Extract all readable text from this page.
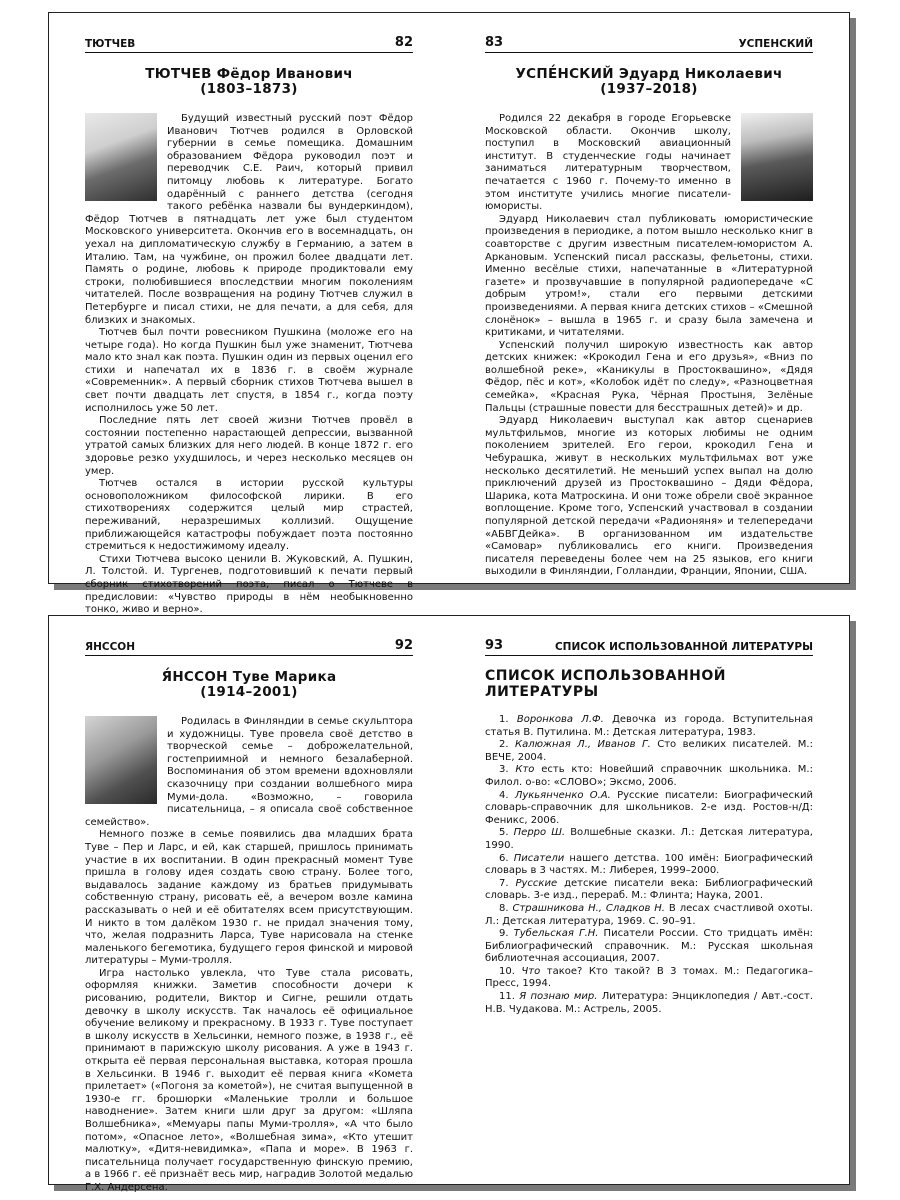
ТЮТЧЕВ	82
ТЮТЧЕВ Фёдор Иванович
(1803–1873)

Будущий известный русский поэт Фёдор Иванович Тютчев родился в Орловской губернии в семье помещика. Домашним образованием Фёдора руководил поэт и переводчик С.Е. Раич, который привил питомцу любовь к литературе. Богато одарённый с раннего детства (сегодня такого ребёнка назвали бы вундеркиндом), Фёдор Тютчев в пятнадцать лет уже был студентом Московского университета. Окончив его в восемнадцать, он уехал на дипломатическую службу в Германию, а затем в Италию. Там, на чужбине, он прожил более двадцати лет. Память о родине, любовь к природе продиктовали ему строки, полюбившиеся впоследствии многим поколениям читателей. После возвращения на родину Тютчев служил в Петербурге и писал стихи, не для печати, а для себя, для близких и знакомых.

Тютчев был почти ровесником Пушкина (моложе его на четыре года). Но когда Пушкин был уже знаменит, Тютчева мало кто знал как поэта. Пушкин один из первых оценил его стихи и напечатал их в 1836 г. в своём журнале «Современник». А первый сборник стихов Тютчева вышел в свет почти двадцать лет спустя, в 1854 г., когда поэту исполнилось уже 50 лет.

Последние пять лет своей жизни Тютчев провёл в состоянии постепенно нарастающей депрессии, вызванной утратой самых близких для него людей. В конце 1872 г. его здоровье резко ухудшилось, и через несколько месяцев он умер.

Тютчев остался в истории русской культуры основоположником философской лирики. В его стихотворениях содержится целый мир страстей, переживаний, неразрешимых коллизий. Ощущение приближающейся катастрофы побуждает поэта постоянно стремиться к недостижимому идеалу.

Стихи Тютчева высоко ценили В. Жуковский, А. Пушкин, Л. Толстой. И. Тургенев, подготовивший к печати первый сборник стихотворений поэта, писал о Тютчеве в предисловии: «Чувство природы в нём необыкновенно тонко, живо и верно».

83	УСПЕНСКИЙ
УСПЕ́НСКИЙ Эдуард Николаевич
(1937–2018)

Родился 22 декабря в городе Егорьевске Московской области. Окончив школу, поступил в Московский авиационный институт. В студенческие годы начинает заниматься литературным творчеством, печатается с 1960 г. Почему-то именно в этом институте учились многие писатели-юмористы.

Эдуард Николаевич стал публиковать юмористические произведения в периодике, а потом вышло несколько книг в соавторстве с другим известным писателем-юмористом А. Аркановым. Успенский писал рассказы, фельетоны, стихи. Именно весёлые стихи, напечатанные в «Литературной газете» и прозвучавшие в популярной радиопередаче «С добрым утром!», стали его первыми детскими произведениями. А первая книга детских стихов – «Смешной слонёнок» – вышла в 1965 г. и сразу была замечена и критиками, и читателями.

Успенский получил широкую известность как автор детских книжек: «Крокодил Гена и его друзья», «Вниз по волшебной реке», «Каникулы в Простоквашино», «Дядя Фёдор, пёс и кот», «Колобок идёт по следу», «Разноцветная семейка», «Красная Рука, Чёрная Простыня, Зелёные Пальцы (страшные повести для бесстрашных детей)» и др.

Эдуард Николаевич выступал как автор сценариев мультфильмов, многие из которых любимы не одним поколением зрителей. Его герои, крокодил Гена и Чебурашка, живут в нескольких мультфильмах вот уже несколько десятилетий. Не меньший успех выпал на долю приключений друзей из Простоквашино – Дяди Фёдора, Шарика, кота Матроскина. И они тоже обрели своё экранное воплощение. Кроме того, Успенский участвовал в создании популярной детской передачи «Радионяня» и телепередачи «АБВГДейка». В организованном им издательстве «Самовар» публиковались его книги. Произведения писателя переведены более чем на 25 языков, его книги выходили в Финляндии, Голландии, Франции, Японии, США.

ЯНССОН	92
Я́НССОН Туве Марика
(1914–2001)

Родилась в Финляндии в семье скульптора и художницы. Туве провела своё детство в творческой семье – доброжелательной, гостеприимной и немного безалаберной. Воспоминания об этом времени вдохновляли сказочницу при создании волшебного мира Муми-дола. «Возможно, – говорила писательница, – я описала своё собственное семейство».

Немного позже в семье появились два младших брата Туве – Пер и Ларс, и ей, как старшей, пришлось принимать участие в их воспитании. В один прекрасный момент Туве пришла в голову идея создать свою страну. Более того, выдавалось задание каждому из братьев придумывать собственную страну, рисовать её, а вечером возле камина рассказывать о ней и её обитателях всем присутствующим. И никто в том далёком 1930 г. не придал значения тому, что, желая подразнить Ларса, Туве нарисовала на стенке маленького бегемотика, будущего героя финской и мировой литературы – Муми-тролля.

Игра настолько увлекла, что Туве стала рисовать, оформляя книжки. Заметив способности дочери к рисованию, родители, Виктор и Сигне, решили отдать девочку в школу искусств. Так началось её официальное обучение великому и прекрасному. В 1933 г. Туве поступает в школу искусств в Хельсинки, немного позже, в 1938 г., её принимают в парижскую школу рисования. А уже в 1943 г. открыта её первая персональная выставка, которая прошла в Хельсинки. В 1946 г. выходит её первая книга «Комета прилетает» («Погоня за кометой»), не считая выпущенной в 1930-е гг. брошюрки «Маленькие тролли и большое наводнение». Затем книги шли друг за другом: «Шляпа Волшебника», «Мемуары папы Муми-тролля», «А что было потом», «Опасное лето», «Волшебная зима», «Кто утешит малютку», «Дитя-невидимка», «Папа и море». В 1963 г. писательница получает государственную финскую премию, а в 1966 г. её признаёт весь мир, наградив Золотой медалью Г.Х. Андерсена.

93	СПИСОК ИСПОЛЬЗОВАННОЙ ЛИТЕРАТУРЫ
СПИСОК ИСПОЛЬЗОВАННОЙ ЛИТЕРАТУРЫ
1. Воронкова Л.Ф. Девочка из города. Вступительная статья В. Путилина. М.: Детская литература, 1983.
2. Калюжная Л., Иванов Г. Сто великих писателей. М.: ВЕЧЕ, 2004.
3. Кто есть кто: Новейший справочник школьника. М.: Филол. о-во: «СЛОВО»; Эксмо, 2006.
4. Лукьянченко О.А. Русские писатели: Биографический словарь-справочник для школьников. 2-е изд. Ростов-н/Д: Феникс, 2006.
5. Перро Ш. Волшебные сказки. Л.: Детская литература, 1990.
6. Писатели нашего детства. 100 имён: Биографический словарь в 3 частях. М.: Либерея, 1999–2000.
7. Русские детские писатели века: Библиографический словарь. 3-е изд., перераб. М.: Флинта; Наука, 2001.
8. Страшникова Н., Сладков Н. В лесах счастливой охоты. Л.: Детская литература, 1969. С. 90–91.
9. Тубельская Г.Н. Писатели России. Сто тридцать имён: Библиографический справочник. М.: Русская школьная библиотечная ассоциация, 2007.
10. Что такое? Кто такой? В 3 томах. М.: Педагогика–Пресс, 1994.
11. Я познаю мир. Литература: Энциклопедия / Авт.-сост. Н.В. Чудакова. М.: Астрель, 2005.
